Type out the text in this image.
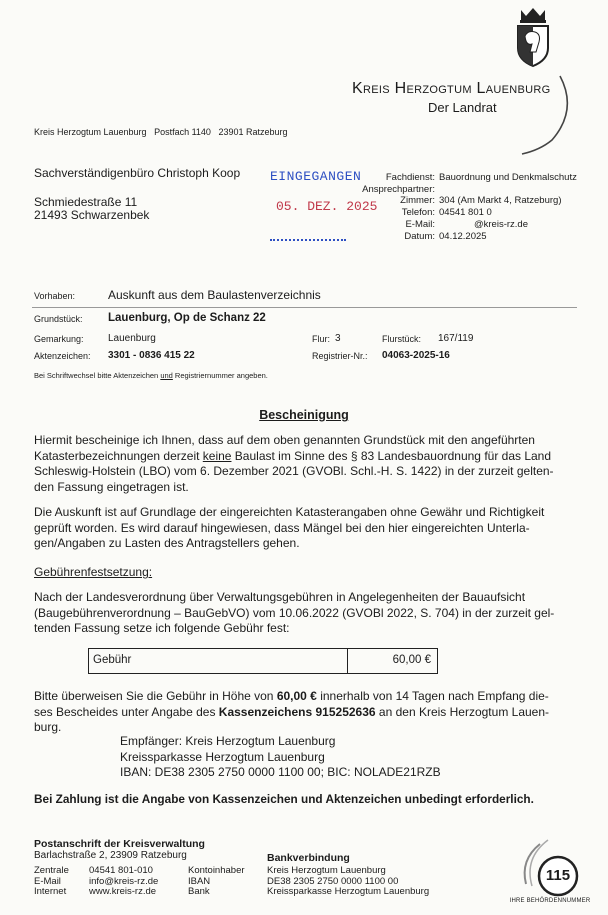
Kreis Herzogtum Lauenburg
Der Landrat
Kreis Herzogtum Lauenburg   Postfach 1140   23901 Ratzeburg
Sachverständigenbüro Christoph Koop
Schmiedestraße 11
21493 Schwarzenbek
EINGEGANGEN
05. DEZ. 2025
Fachdienst: Bauordnung und Denkmalschutz
Ansprechpartner:
Zimmer: 304 (Am Markt 4, Ratzeburg)
Telefon: 04541 801 0
E-Mail:	@kreis-rz.de
Datum: 04.12.2025
Vorhaben:	Auskunft aus dem Baulastenverzeichnis
Grundstück: Lauenburg, Op de Schanz 22
Gemarkung: Lauenburg	Flur: 3	Flurstück: 167/119
Aktenzeichen: 3301 - 0836 415 22	Registrier-Nr.: 04063-2025-16
Bei Schriftwechsel bitte Aktenzeichen und Registriernummer angeben.
Bescheinigung

Hiermit bescheinige ich Ihnen, dass auf dem oben genannten Grundstück mit den angeführten

Katasterbezeichnungen derzeit keine Baulast im Sinne des § 83 Landesbauordnung für das Land

Schleswig-Holstein (LBO) vom 6. Dezember 2021 (GVOBl. Schl.-H. S. 1422) in der zurzeit gelten-

den Fassung eingetragen ist.

Die Auskunft ist auf Grundlage der eingereichten Katasterangaben ohne Gewähr und Richtigkeit

geprüft worden. Es wird darauf hingewiesen, dass Mängel bei den hier eingereichten Unterla-

gen/Angaben zu Lasten des Antragstellers gehen.

Gebührenfestsetzung:

Nach der Landesverordnung über Verwaltungsgebühren in Angelegenheiten der Bauaufsicht

(Baugebührenverordnung – BauGebVO) vom 10.06.2022 (GVOBl 2022, S. 704) in der zurzeit gel-

tenden Fassung setze ich folgende Gebühr fest:

Gebühr	60,00 €

Bitte überweisen Sie die Gebühr in Höhe von 60,00 € innerhalb von 14 Tagen nach Empfang die-

ses Bescheides unter Angabe des Kassenzeichens 915252636 an den Kreis Herzogtum Lauen-

burg.

Empfänger: Kreis Herzogtum Lauenburg

Kreissparkasse Herzogtum Lauenburg

IBAN: DE38 2305 2750 0000 1100 00; BIC: NOLADE21RZB

Bei Zahlung ist die Angabe von Kassenzeichen und Aktenzeichen unbedingt erforderlich.
Postanschrift der Kreisverwaltung
Barlachstraße 2, 23909 Ratzeburg
Zentrale 04541 801-010
E-Mail	info@kreis-rz.de
Internet www.kreis-rz.de
Bankverbindung
Kontoinhaber Kreis Herzogtum Lauenburg
IBAN	DE38 2305 2750 0000 1100 00
Bank	Kreissparkasse Herzogtum Lauenburg
115
IHRE BEHÖRDENNUMMER
